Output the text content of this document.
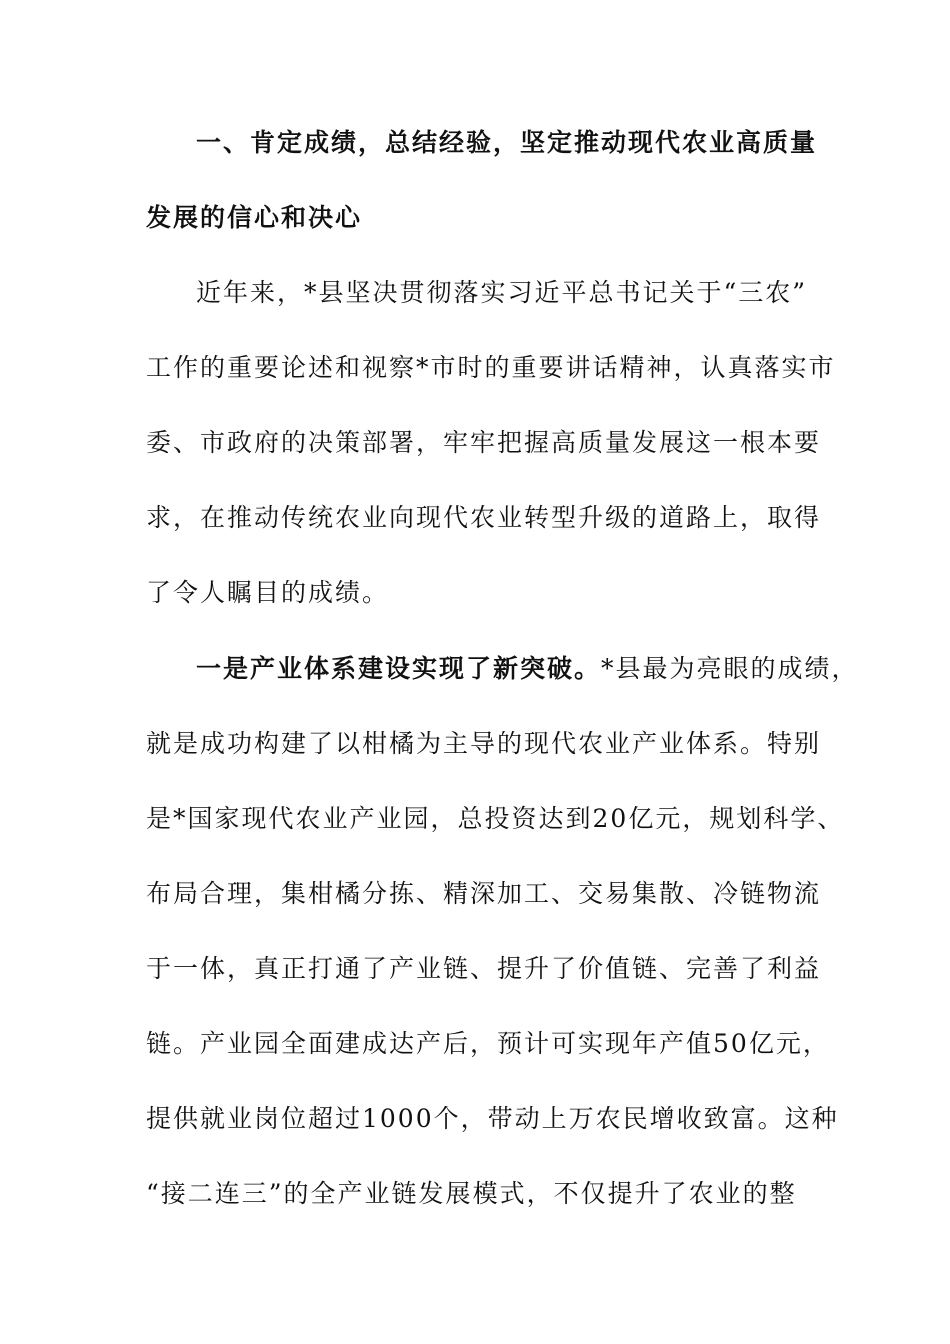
一、肯定成绩，总结经验，坚定推动现代农业高质量
发展的信心和决心
近年来，*县坚决贯彻落实习近平总书记关于“三农”
工作的重要论述和视察*市时的重要讲话精神，认真落实市
委、市政府的决策部署，牢牢把握高质量发展这一根本要
求，在推动传统农业向现代农业转型升级的道路上，取得
了令人瞩目的成绩。
一是产业体系建设实现了新突破。*县最为亮眼的成绩，
就是成功构建了以柑橘为主导的现代农业产业体系。特别
是*国家现代农业产业园，总投资达到20亿元，规划科学、
布局合理，集柑橘分拣、精深加工、交易集散、冷链物流
于一体，真正打通了产业链、提升了价值链、完善了利益
链。产业园全面建成达产后，预计可实现年产值50亿元，
提供就业岗位超过1000个，带动上万农民增收致富。这种
“接二连三”的全产业链发展模式，不仅提升了农业的整
